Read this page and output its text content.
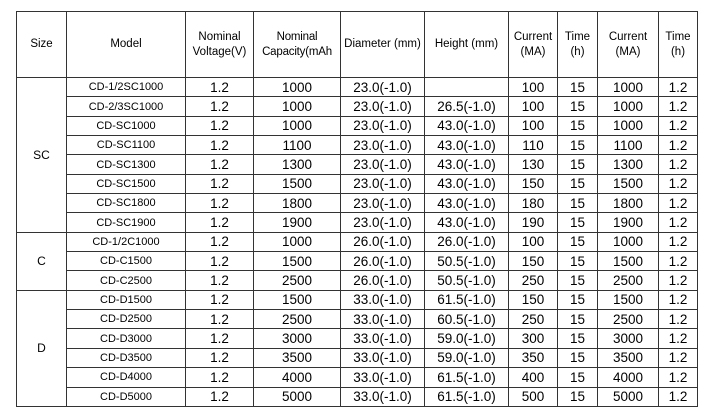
Size	Model	Nominal Voltage(V)	Nominal Capacity(mAh	Diameter (mm)	Height (mm)	Current (MA)	Time (h)	Current (MA)	Time (h)
SC	CD-1/2SC1000	1.2	1000	23.0(-1.0)		100	15	1000	1.2
	CD-2/3SC1000	1.2	1000	23.0(-1.0)	26.5(-1.0)	100	15	1000	1.2
	CD-SC1000	1.2	1000	23.0(-1.0)	43.0(-1.0)	100	15	1000	1.2
	CD-SC1100	1.2	1100	23.0(-1.0)	43.0(-1.0)	110	15	1100	1.2
	CD-SC1300	1.2	1300	23.0(-1.0)	43.0(-1.0)	130	15	1300	1.2
	CD-SC1500	1.2	1500	23.0(-1.0)	43.0(-1.0)	150	15	1500	1.2
	CD-SC1800	1.2	1800	23.0(-1.0)	43.0(-1.0)	180	15	1800	1.2
	CD-SC1900	1.2	1900	23.0(-1.0)	43.0(-1.0)	190	15	1900	1.2
C	CD-1/2C1000	1.2	1000	26.0(-1.0)	26.0(-1.0)	100	15	1000	1.2
	CD-C1500	1.2	1500	26.0(-1.0)	50.5(-1.0)	150	15	1500	1.2
	CD-C2500	1.2	2500	26.0(-1.0)	50.5(-1.0)	250	15	2500	1.2
D	CD-D1500	1.2	1500	33.0(-1.0)	61.5(-1.0)	150	15	1500	1.2
	CD-D2500	1.2	2500	33.0(-1.0)	60.5(-1.0)	250	15	2500	1.2
	CD-D3000	1.2	3000	33.0(-1.0)	59.0(-1.0)	300	15	3000	1.2
	CD-D3500	1.2	3500	33.0(-1.0)	59.0(-1.0)	350	15	3500	1.2
	CD-D4000	1.2	4000	33.0(-1.0)	61.5(-1.0)	400	15	4000	1.2
	CD-D5000	1.2	5000	33.0(-1.0)	61.5(-1.0)	500	15	5000	1.2
